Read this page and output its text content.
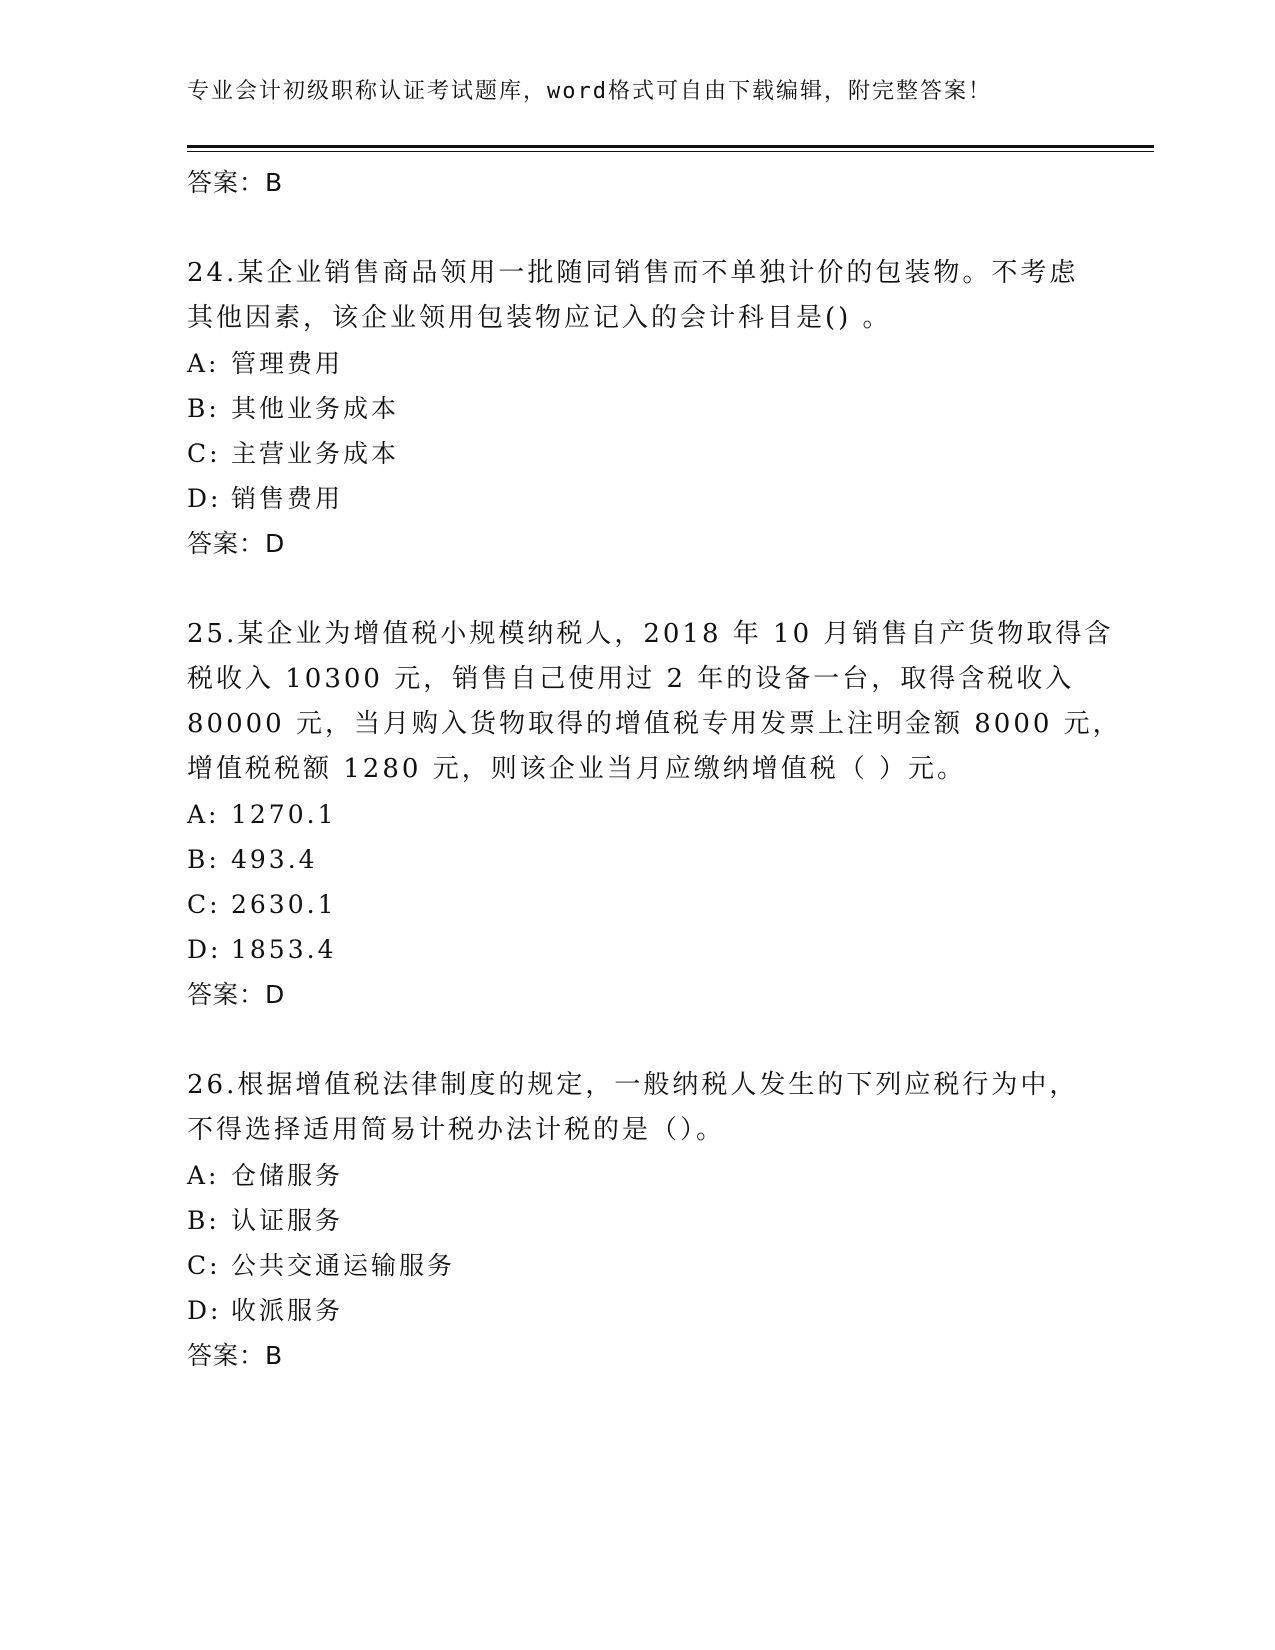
专业会计初级职称认证考试题库，word格式可自由下载编辑，附完整答案！
答案：B
24.某企业销售商品领用一批随同销售而不单独计价的包装物。不考虑
其他因素，该企业领用包装物应记入的会计科目是() 。
A: 管理费用
B: 其他业务成本
C: 主营业务成本
D: 销售费用
答案：D
25.某企业为增值税小规模纳税人，2018 年 10 月销售自产货物取得含
税收入 10300 元，销售自己使用过 2 年的设备一台，取得含税收入
80000 元，当月购入货物取得的增值税专用发票上注明金额 8000 元，
增值税税额 1280 元，则该企业当月应缴纳增值税（ ）元。
A: 1270.1
B: 493.4
C: 2630.1
D: 1853.4
答案：D
26.根据增值税法律制度的规定，一般纳税人发生的下列应税行为中，
不得选择适用简易计税办法计税的是（）。
A: 仓储服务
B: 认证服务
C: 公共交通运输服务
D: 收派服务
答案：B
